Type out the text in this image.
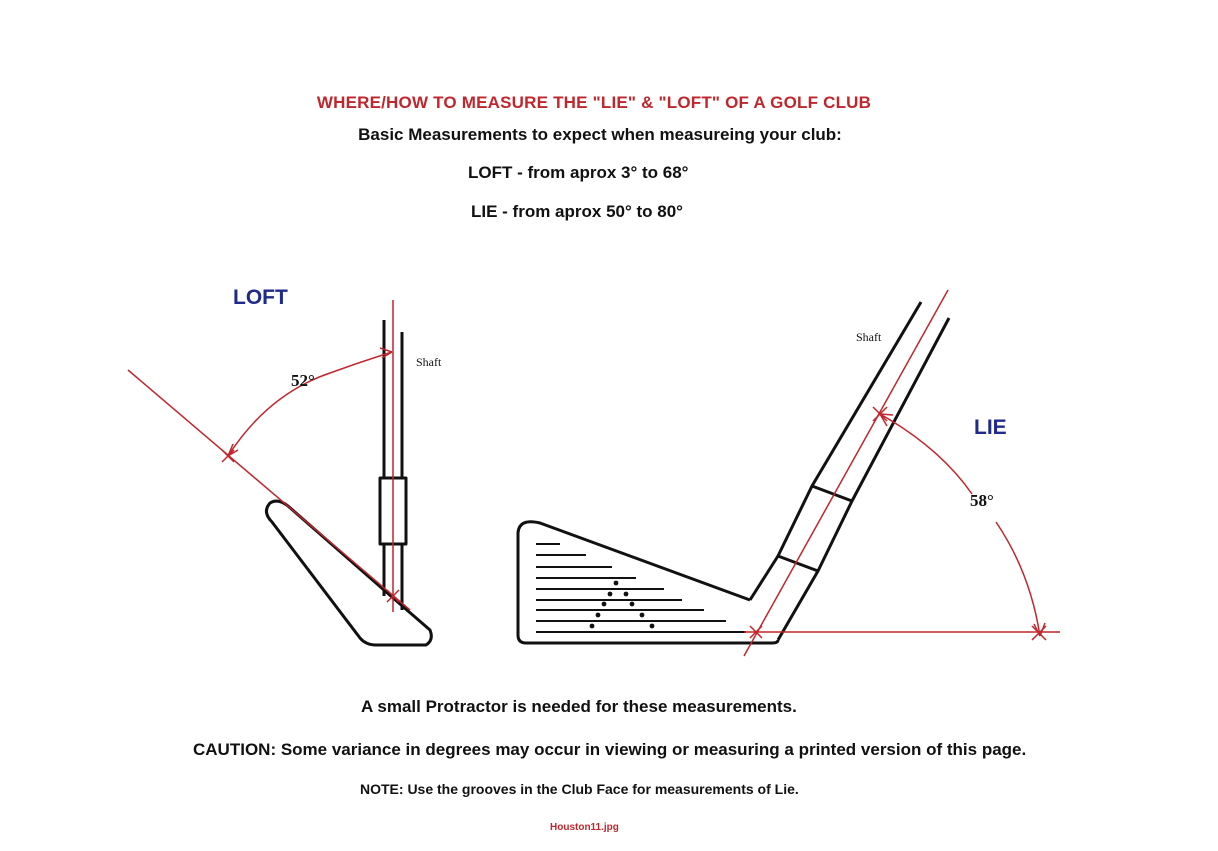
WHERE/HOW TO MEASURE THE "LIE" & "LOFT" OF A GOLF CLUB
Basic Measurements to expect when measureing your club:
LOFT - from aprox 3° to 68°
LIE - from aprox 50° to 80°
LOFT
Shaft
52°
LIE
Shaft
58°
A small Protractor is needed for these measurements.
CAUTION: Some variance in degrees may occur in viewing or measuring a printed version of this page.
NOTE: Use the grooves in the Club Face for measurements of Lie.
Houston11.jpg
